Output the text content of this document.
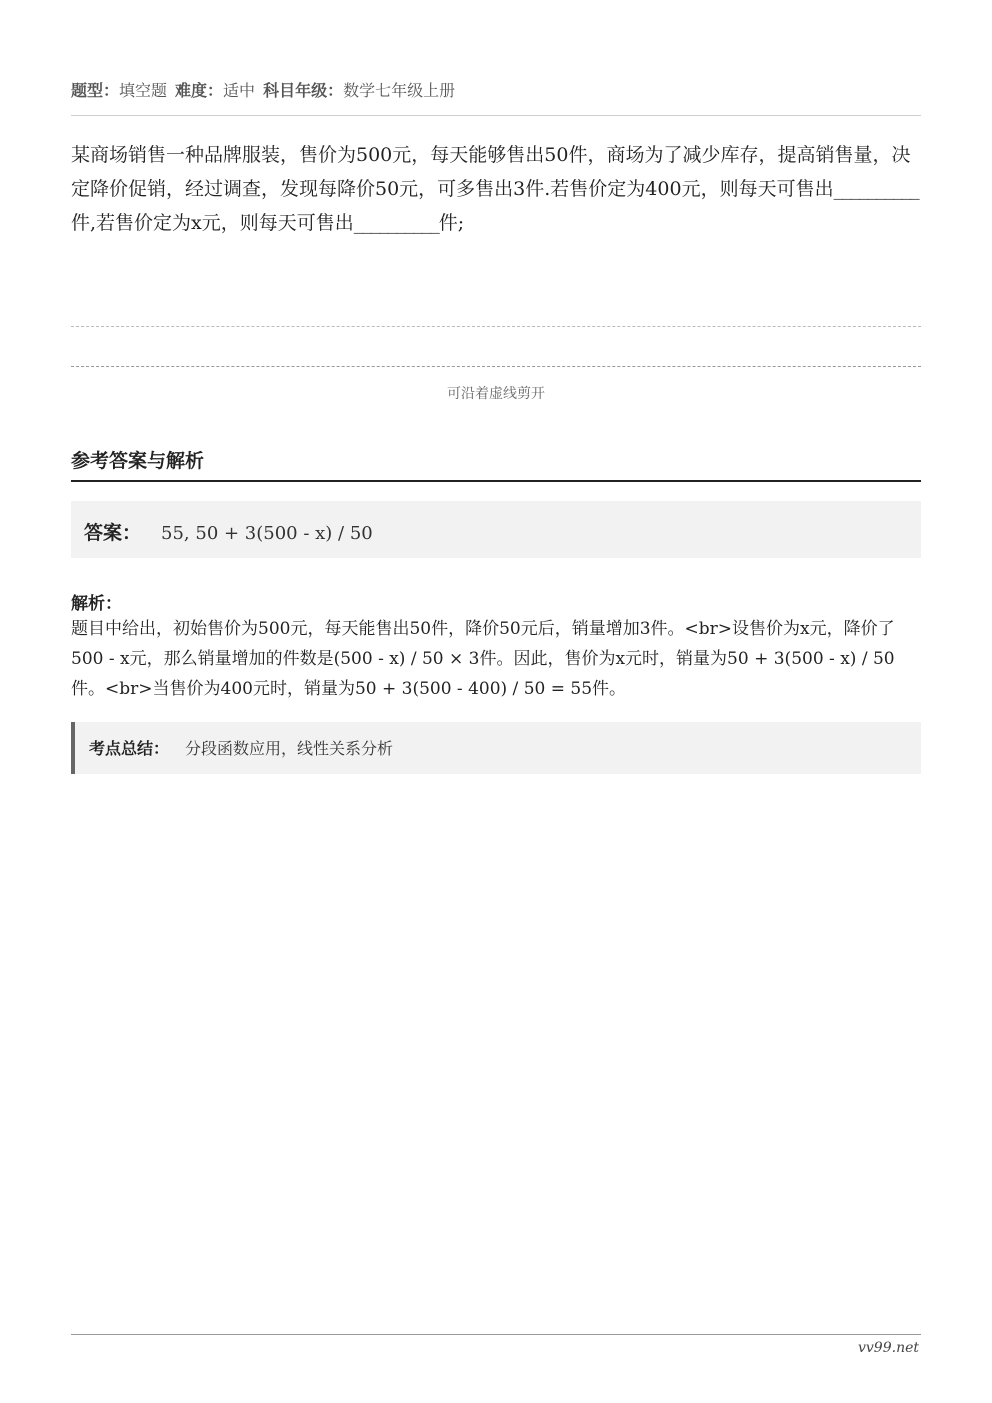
题型：填空题 难度：适中 科目年级：数学七年级上册
某商场销售一种品牌服装，售价为500元，每天能够售出50件，商场为了减少库存，提高销售量，决定降价促销，经过调查，发现每降价50元，可多售出3件.若售价定为400元，则每天可售出__________件,若售价定为x元，则每天可售出__________件;
可沿着虚线剪开
参考答案与解析
答案： 55, 50 + 3(500 - x) / 50
解析：
题目中给出，初始售价为500元，每天能售出50件，降价50元后，销量增加3件。<br>设售价为x元，降价了500 - x元，那么销量增加的件数是(500 - x) / 50 × 3件。因此，售价为x元时，销量为50 + 3(500 - x) / 50件。<br>当售价为400元时，销量为50 + 3(500 - 400) / 50 = 55件。
考点总结： 分段函数应用，线性关系分析
vv99.net
